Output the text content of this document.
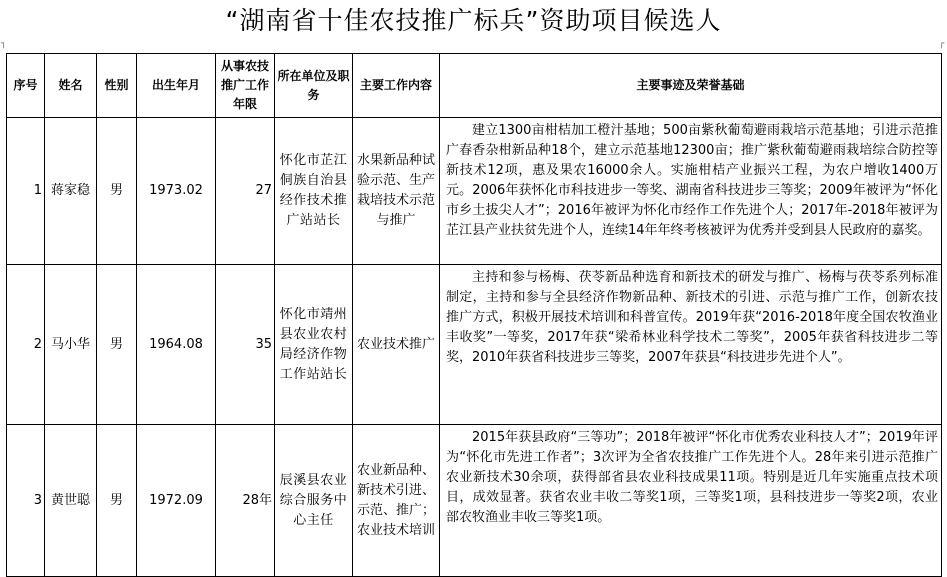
“湖南省十佳农技推广标兵”资助项目候选人
┐	┌
序号	姓名	性别	出生年月	从事农技推广工作年限	所在单位及职务	主要工作内容	主要事迹及荣誉基础
1	蒋家稳	男	1973.02	27	怀化市芷江侗族自治县经作技术推广站站长	水果新品种试验示范、生产栽培技术示范与推广	建立1300亩柑桔加工橙汁基地；500亩紫秋葡萄避雨栽培示范基地；引进示范推广春香杂柑新品种18个，建立示范基地12300亩；推广紫秋葡萄避雨栽培综合防控等新技术12项，惠及果农16000余人。实施柑桔产业振兴工程，为农户增收1400万元。2006年获怀化市科技进步一等奖、湖南省科技进步三等奖；2009年被评为“怀化市乡土拔尖人才”；2016年被评为怀化市经作工作先进个人；2017年-2018年被评为芷江县产业扶贫先进个人，连续14年年终考核被评为优秀并受到县人民政府的嘉奖。
2	马小华	男	1964.08	35	怀化市靖州县农业农村局经济作物工作站站长	农业技术推广	主持和参与杨梅、茯苓新品种选育和新技术的研发与推广、杨梅与茯苓系列标准制定，主持和参与全县经济作物新品种、新技术的引进、示范与推广工作，创新农技推广方式，积极开展技术培训和科普宣传。2019年获“2016-2018年度全国农牧渔业丰收奖”一等奖，2017年获“梁希林业科学技术二等奖”，2005年获省科技进步二等奖，2010年获省科技进步三等奖，2007年获县“科技进步先进个人”。
3	黄世聪	男	1972.09	28年	辰溪县农业综合服务中心主任	农业新品种、新技术引进、示范、推广；农业技术培训	2015年获县政府“三等功”；2018年被评“怀化市优秀农业科技人才”；2019年评为“怀化市先进工作者”；3次评为全省农技推广工作先进个人。28年来引进示范推广农业新技术30余项，获得部省县农业科技成果11项。特别是近几年实施重点技术项目，成效显著。获省农业丰收二等奖1项，三等奖1项，县科技进步一等奖2项，农业部农牧渔业丰收三等奖1项。
